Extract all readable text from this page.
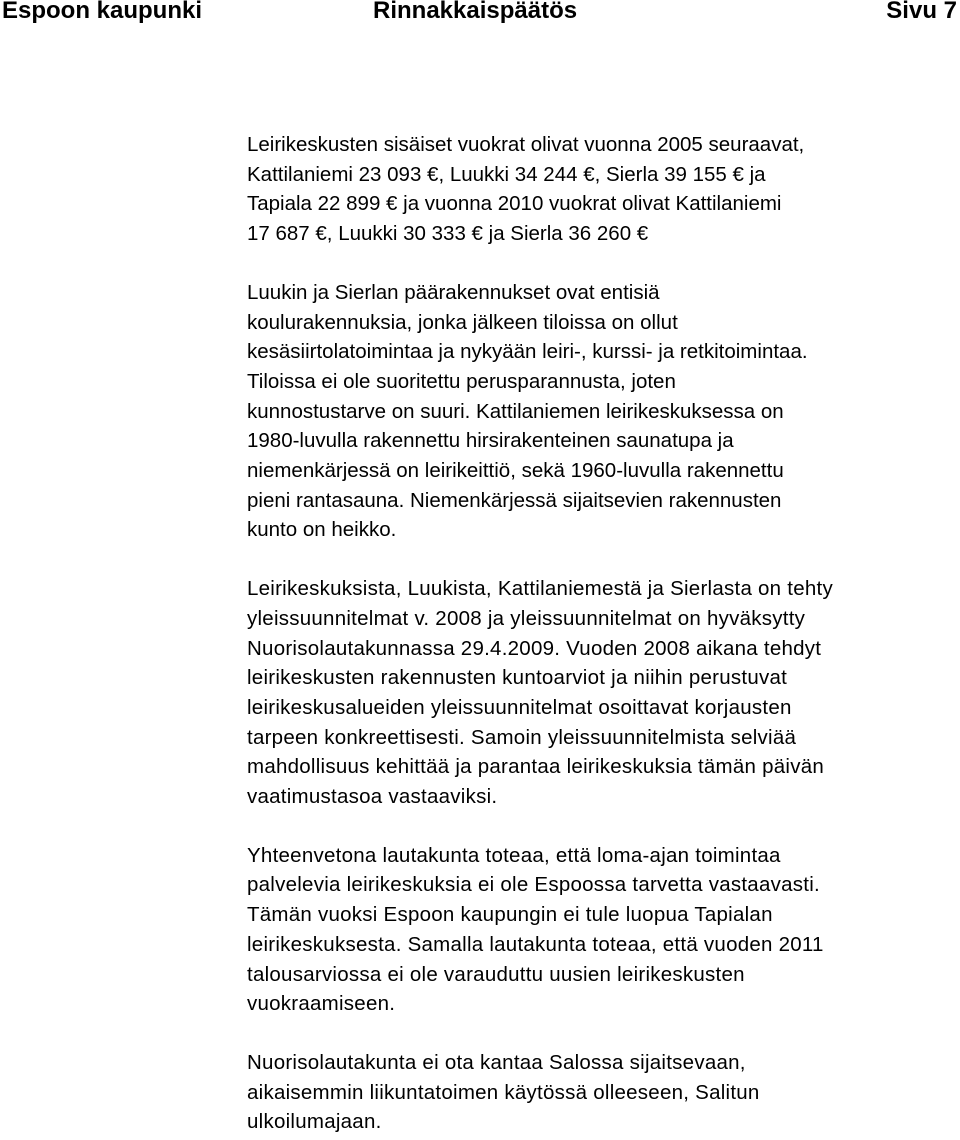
Espoon kaupunki	Rinnakkaispäätös	Sivu 7

Leirikeskusten sisäiset vuokrat olivat vuonna 2005 seuraavat,
Kattilaniemi 23 093 €, Luukki 34 244 €, Sierla 39 155 € ja
Tapiala 22 899 € ja vuonna 2010 vuokrat olivat Kattilaniemi
17 687 €, Luukki 30 333 € ja Sierla 36 260 €

Luukin ja Sierlan päärakennukset ovat entisiä
koulurakennuksia, jonka jälkeen tiloissa on ollut
kesäsiirtolatoimintaa ja nykyään leiri-, kurssi- ja retkitoimintaa.
Tiloissa ei ole suoritettu perusparannusta, joten
kunnostustarve on suuri. Kattilaniemen leirikeskuksessa on
1980-luvulla rakennettu hirsirakenteinen saunatupa ja
niemenkärjessä on leirikeittiö, sekä 1960-luvulla rakennettu
pieni rantasauna. Niemenkärjessä sijaitsevien rakennusten
kunto on heikko.

Leirikeskuksista, Luukista, Kattilaniemestä ja Sierlasta on tehty
yleissuunnitelmat v. 2008 ja yleissuunnitelmat on hyväksytty
Nuorisolautakunnassa 29.4.2009. Vuoden 2008 aikana tehdyt
leirikeskusten rakennusten kuntoarviot ja niihin perustuvat
leirikeskusalueiden yleissuunnitelmat osoittavat korjausten
tarpeen konkreettisesti. Samoin yleissuunnitelmista selviää
mahdollisuus kehittää ja parantaa leirikeskuksia tämän päivän
vaatimustasoa vastaaviksi.

Yhteenvetona lautakunta toteaa, että loma-ajan toimintaa
palvelevia leirikeskuksia ei ole Espoossa tarvetta vastaavasti.
Tämän vuoksi Espoon kaupungin ei tule luopua Tapialan
leirikeskuksesta. Samalla lautakunta toteaa, että vuoden 2011
talousarviossa ei ole varauduttu uusien leirikeskusten
vuokraamiseen.

Nuorisolautakunta ei ota kantaa Salossa sijaitsevaan,
aikaisemmin liikuntatoimen käytössä olleeseen, Salitun
ulkoilumajaan.
